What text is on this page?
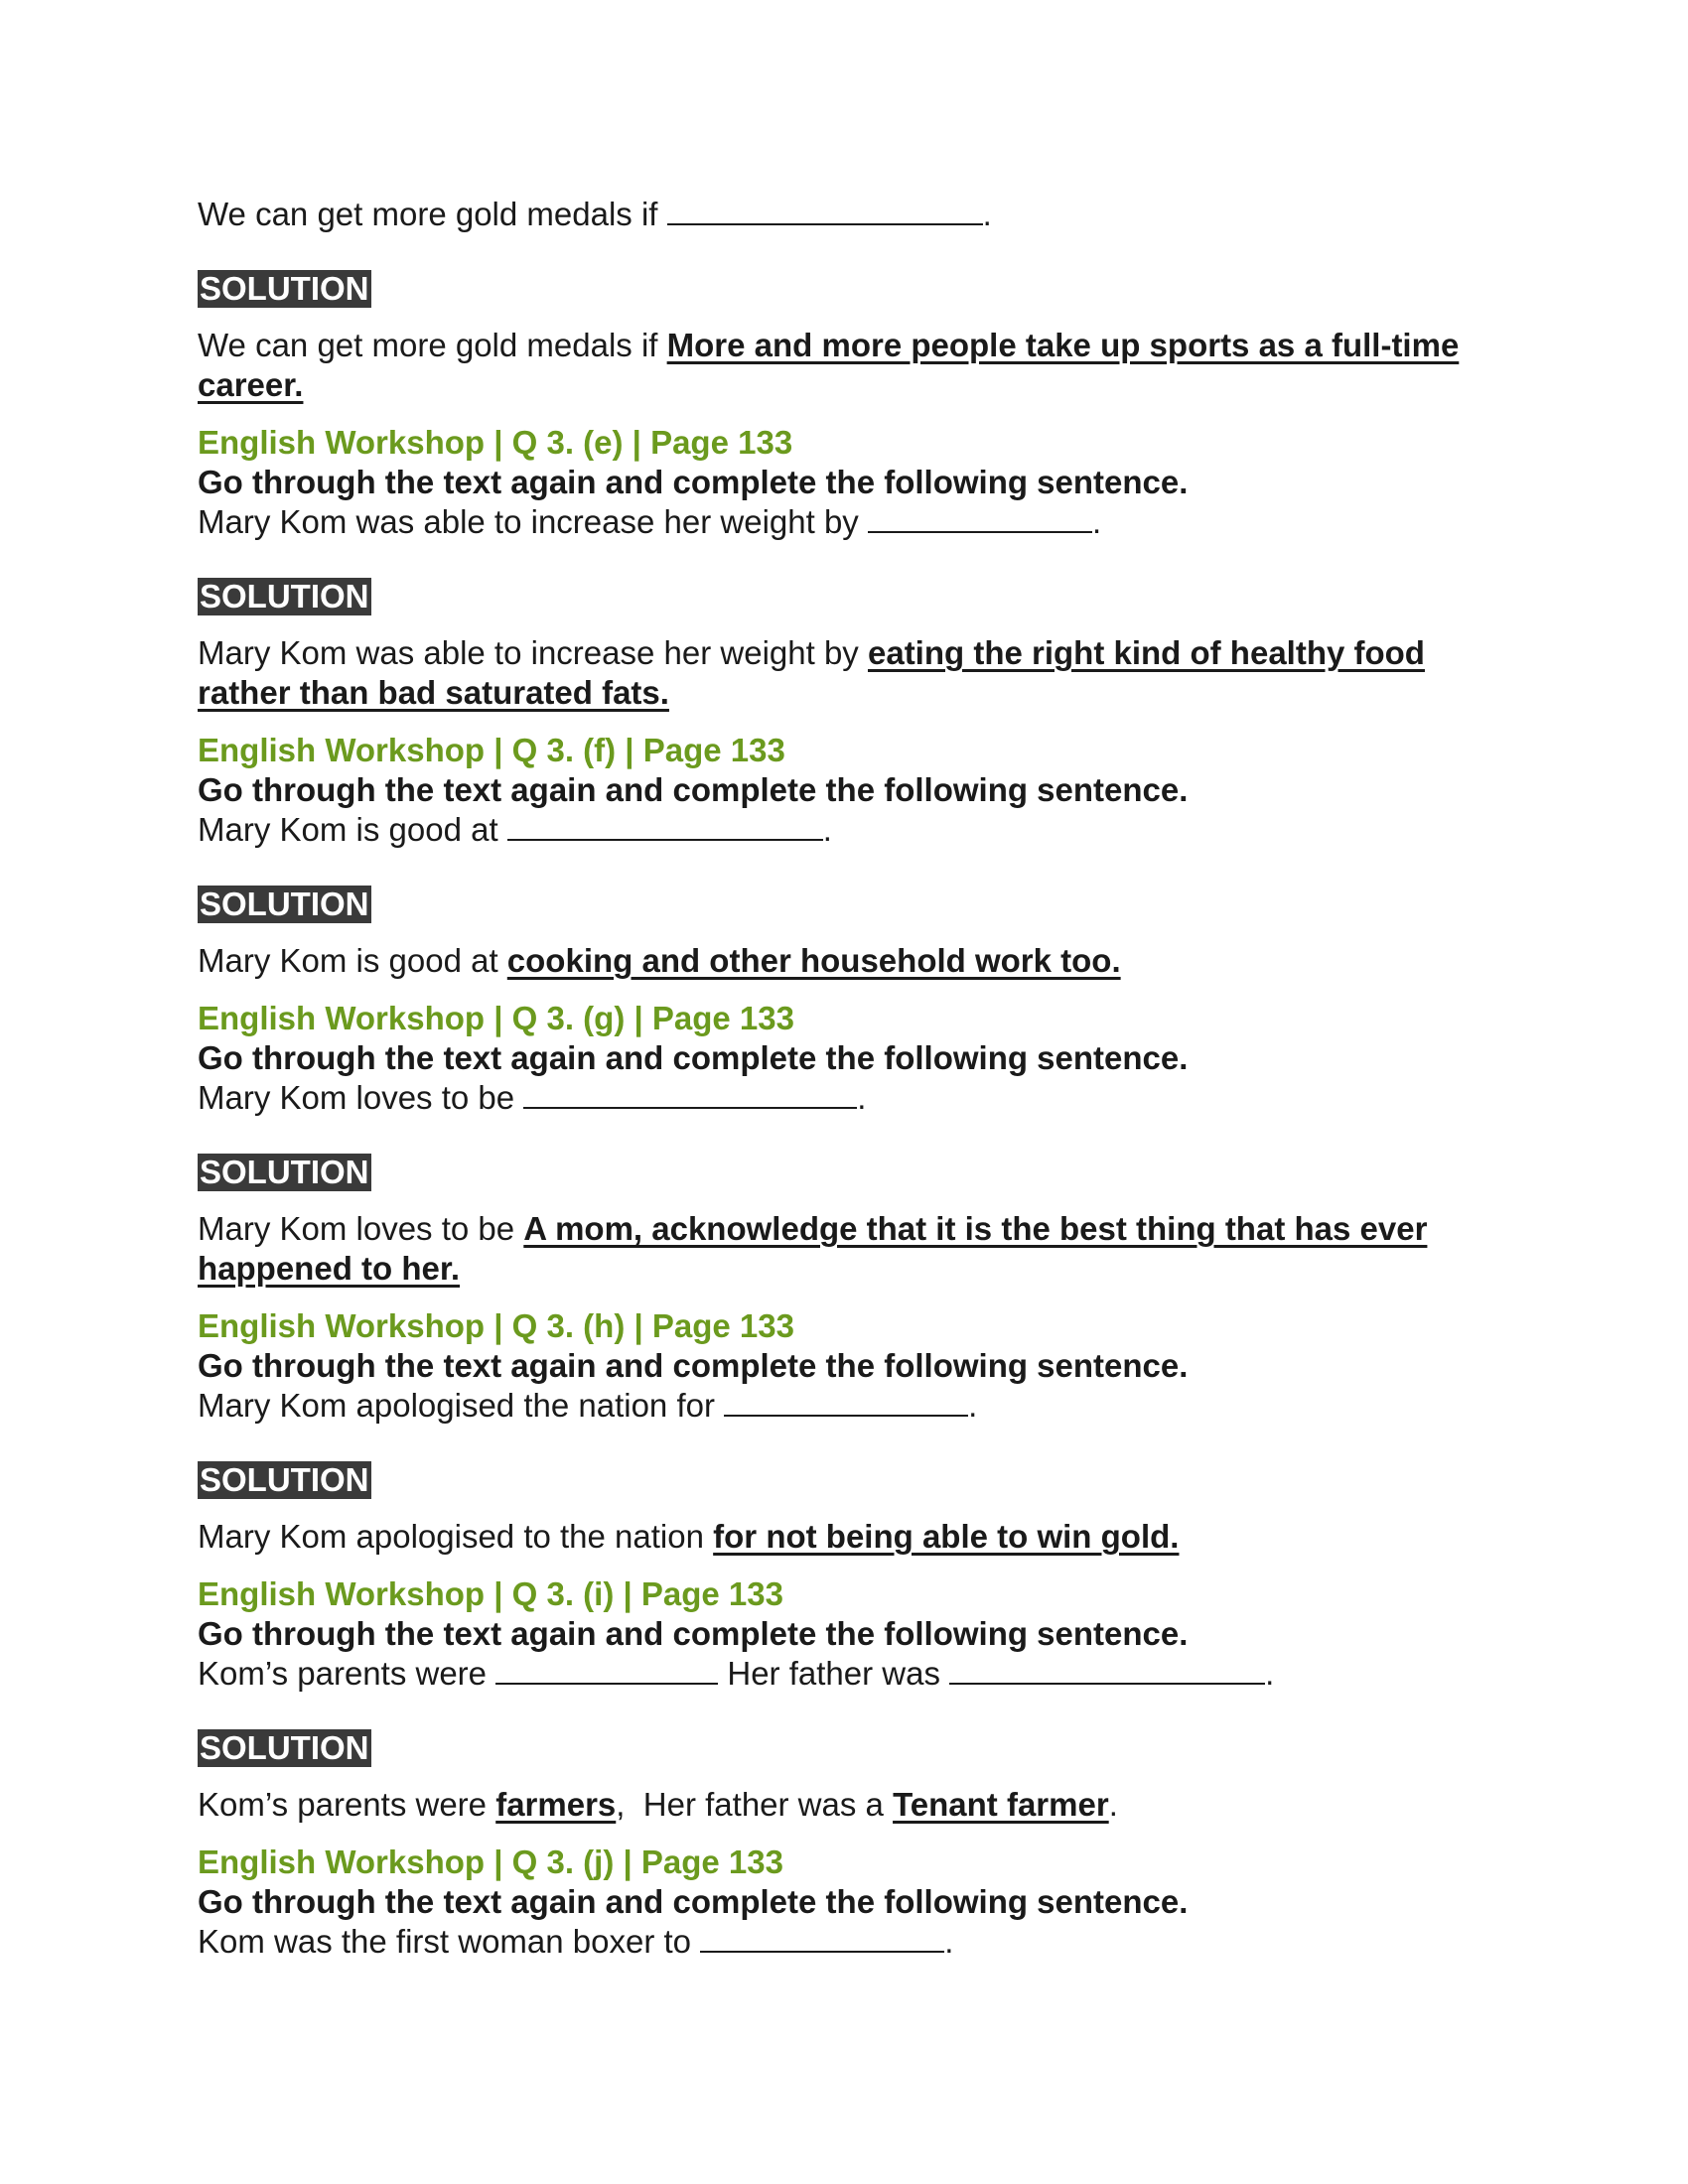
We can get more gold medals if	.

SOLUTION

We can get more gold medals if More and more people take up sports as a full-time career.

English Workshop | Q 3. (e) | Page 133

Go through the text again and complete the following sentence.

Mary Kom was able to increase her weight by	.

SOLUTION

Mary Kom was able to increase her weight by eating the right kind of healthy food rather than bad saturated fats.

English Workshop | Q 3. (f) | Page 133

Go through the text again and complete the following sentence.

Mary Kom is good at	.

SOLUTION

Mary Kom is good at cooking and other household work too.

English Workshop | Q 3. (g) | Page 133

Go through the text again and complete the following sentence.

Mary Kom loves to be	.

SOLUTION

Mary Kom loves to be A mom, acknowledge that it is the best thing that has ever happened to her.

English Workshop | Q 3. (h) | Page 133

Go through the text again and complete the following sentence.

Mary Kom apologised the nation for	.

SOLUTION

Mary Kom apologised to the nation for not being able to win gold.

English Workshop | Q 3. (i) | Page 133

Go through the text again and complete the following sentence.

Kom’s parents were	Her father was	.

SOLUTION

Kom’s parents were farmers,  Her father was a Tenant farmer.

English Workshop | Q 3. (j) | Page 133

Go through the text again and complete the following sentence.

Kom was the first woman boxer to	.
